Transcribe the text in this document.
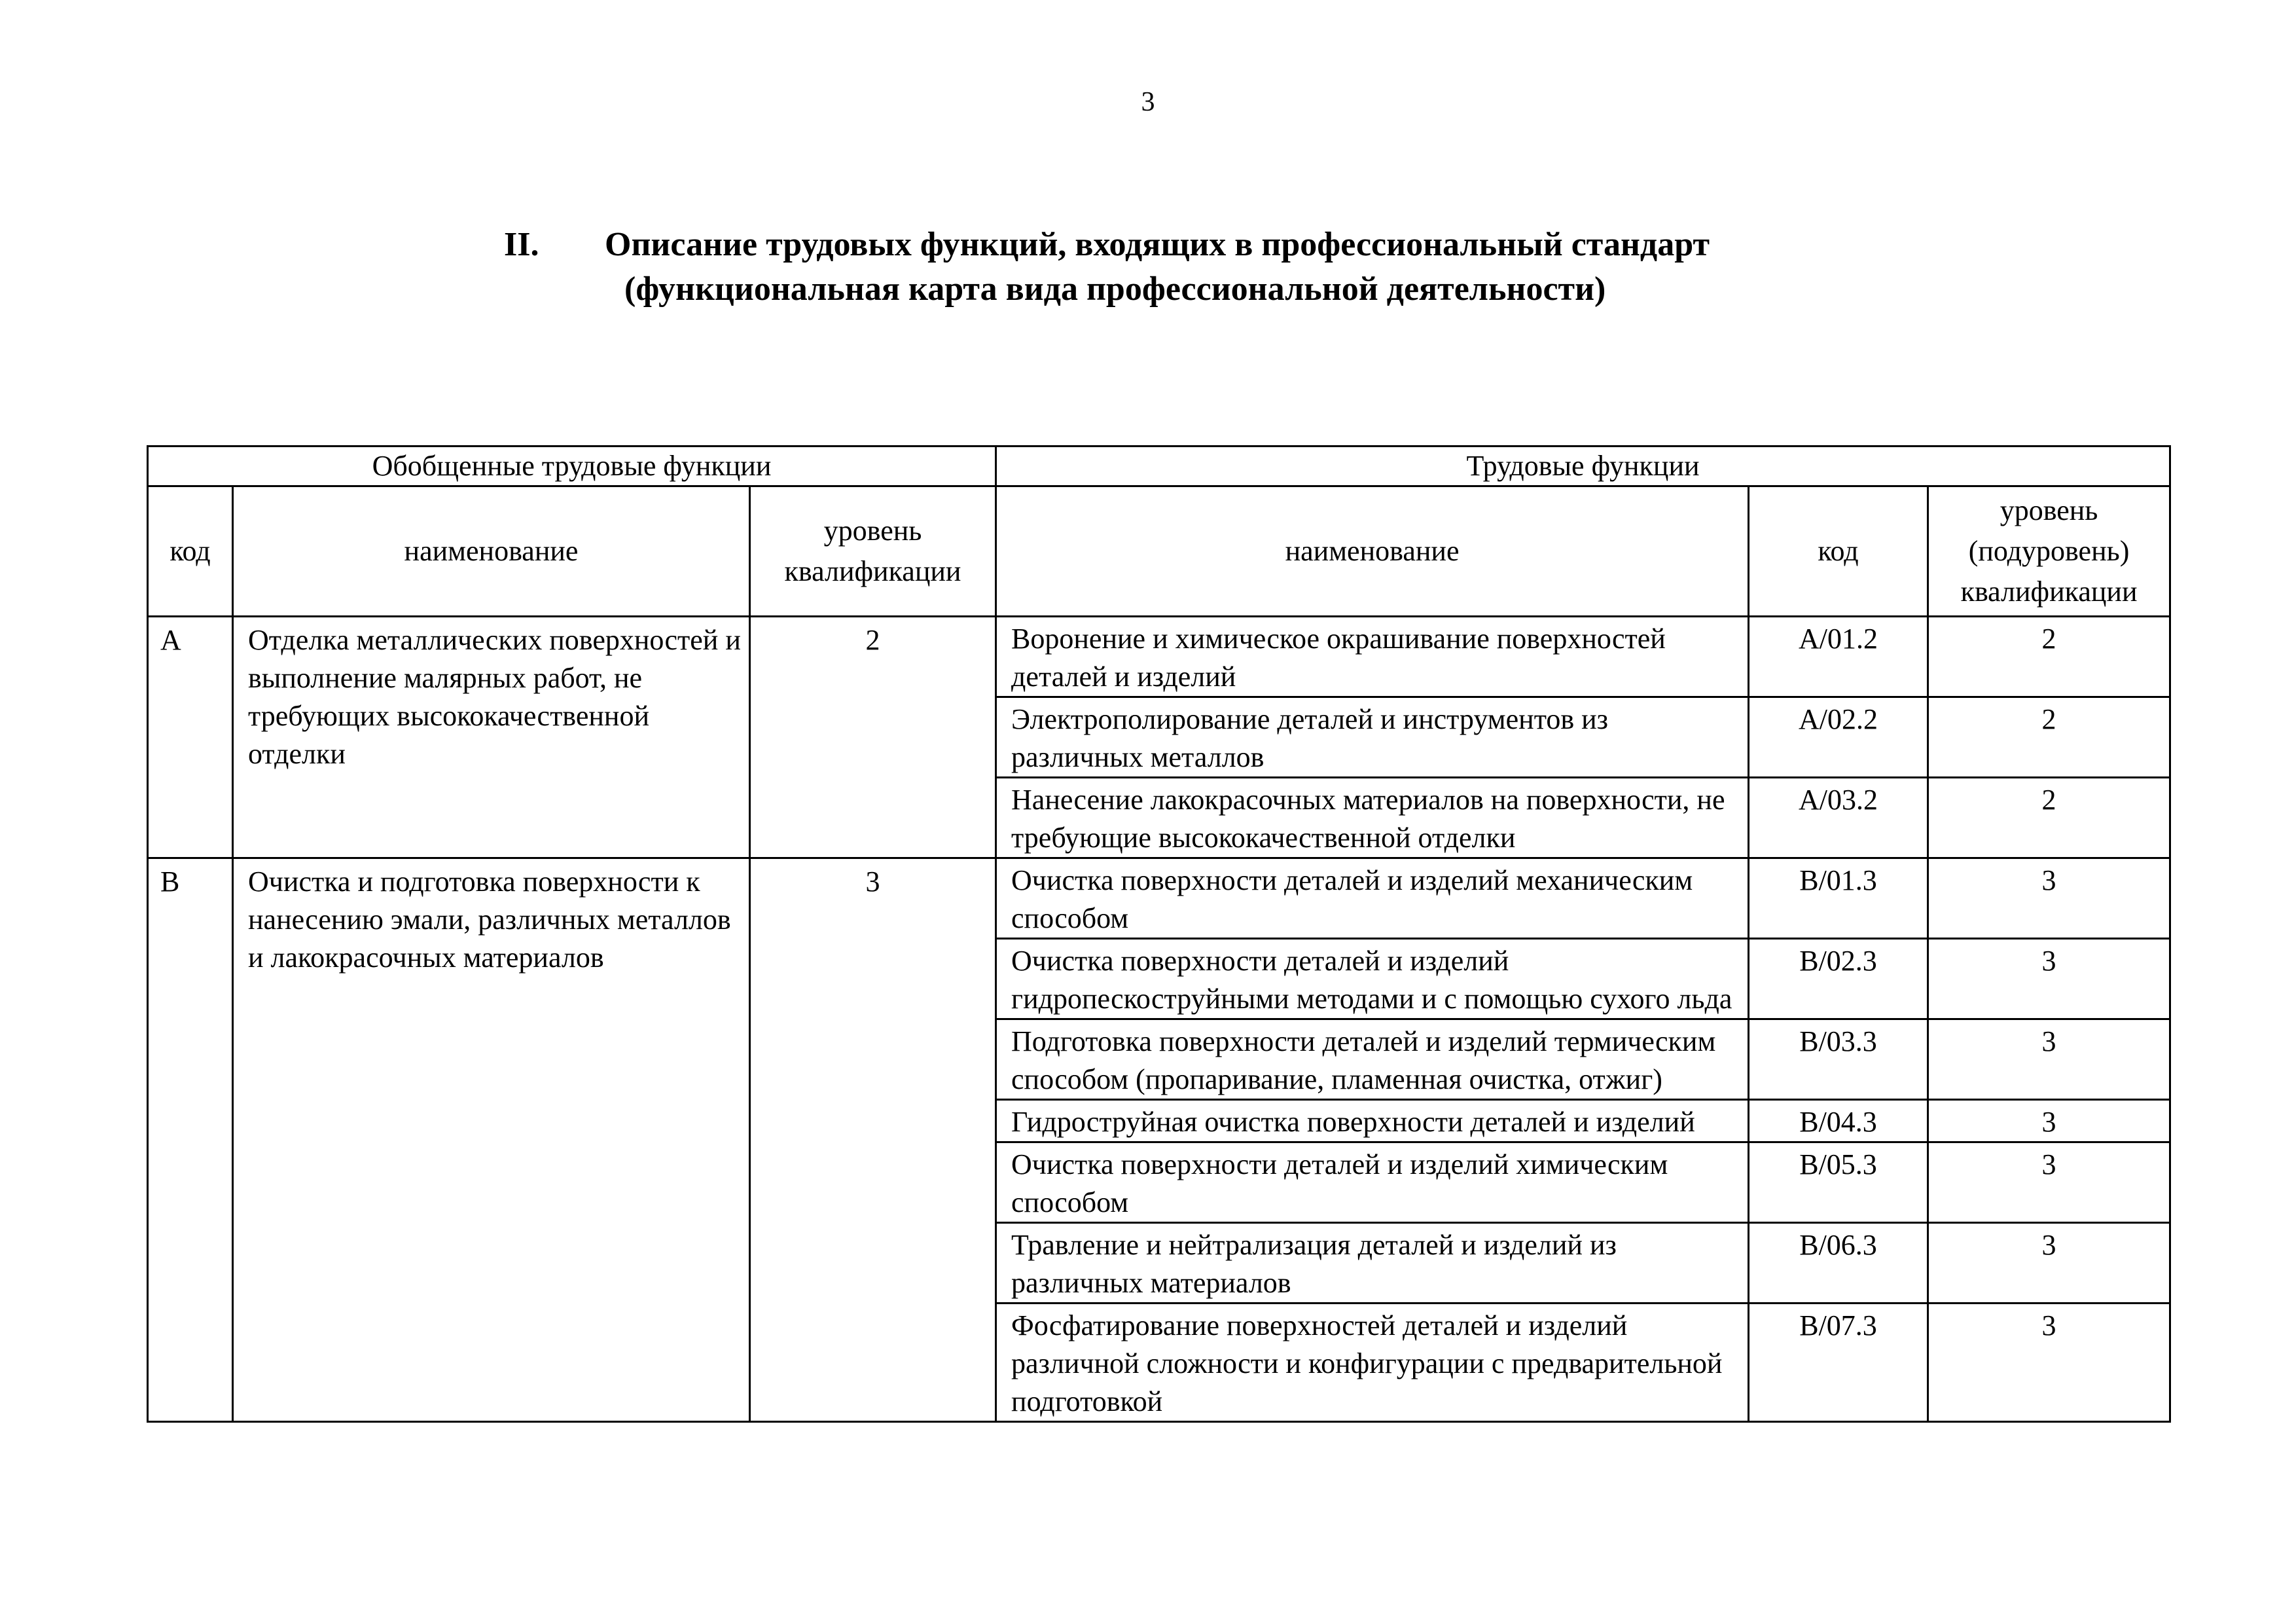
3
II. Описание трудовых функций, входящих в профессиональный стандарт
(функциональная карта вида профессиональной деятельности)
Обобщенные трудовые функции			Трудовые функции		
код	наименование	уровень квалификации	наименование	код	уровень (подуровень) квалификации
A	Отделка металлических поверхностей и выполнение малярных работ, не требующих высококачественной отделки	2	Воронение и химическое окрашивание поверхностей деталей и изделий	A/01.2	2
			Электрополирование деталей и инструментов из различных металлов	A/02.2	2
			Нанесение лакокрасочных материалов на поверхности, не требующие высококачественной отделки	A/03.2	2
B	Очистка и подготовка поверхности к нанесению эмали, различных металлов и лакокрасочных материалов	3	Очистка поверхности деталей и изделий механическим способом	B/01.3	3
			Очистка поверхности деталей и изделий гидропескоструйными методами и с помощью сухого льда	B/02.3	3
			Подготовка поверхности деталей и изделий термическим способом (пропаривание, пламенная очистка, отжиг)	B/03.3	3
			Гидроструйная очистка поверхности деталей и изделий	B/04.3	3
			Очистка поверхности деталей и изделий химическим способом	B/05.3	3
			Травление и нейтрализация деталей и изделий из различных материалов	B/06.3	3
			Фосфатирование поверхностей деталей и изделий различной сложности и конфигурации с предварительной подготовкой	B/07.3	3
